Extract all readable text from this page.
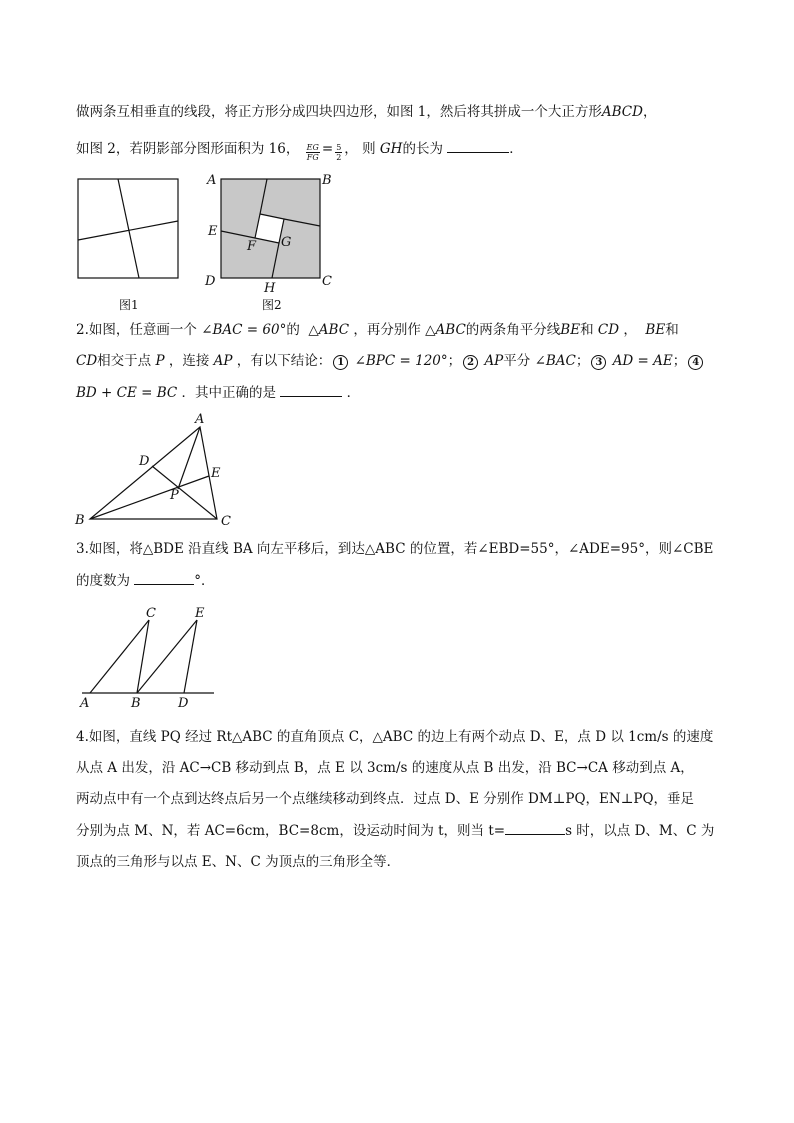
做两条互相垂直的线段，将正方形分成四块四边形，如图 1，然后将其拼成一个大正方形ABCD，
如图 2，若阴影部分图形面积为 16， $\frac{EG}{FG} = \frac{5}{2}$ ， 则 GH的长为	．
图1
A	B
C
D
E
F G
H
图2
2.如图，任意画一个 ∠BAC = 60°的 △ABC ，再分别作 △ABC的两条角平分线BE和 CD ， BE和
CD相交于点 P ，连接 AP ，有以下结论： 1 ∠BPC = 120°； 2 AP平分 ∠BAC； 3 AD = AE； 4
BD + CE = BC ．其中正确的是	．
A
B	C
D
E
P
3.如图，将△BDE 沿直线 BA 向左平移后，到达△ABC 的位置，若∠EBD=55°，∠ADE=95°，则∠CBE
的度数为	°．
C	E
A	B	D
4.如图，直线 PQ 经过 Rt△ABC 的直角顶点 C，△ABC 的边上有两个动点 D、E，点 D 以 1cm/s 的速度
从点 A 出发，沿 AC→CB 移动到点 B，点 E 以 3cm/s 的速度从点 B 出发，沿 BC→CA 移动到点 A，
两动点中有一个点到达终点后另一个点继续移动到终点．过点 D、E 分别作 DM⊥PQ，EN⊥PQ，垂足
分别为点 M、N，若 AC=6cm，BC=8cm，设运动时间为 t，则当 t=	s 时，以点 D、M、C 为
顶点的三角形与以点 E、N、C 为顶点的三角形全等．
